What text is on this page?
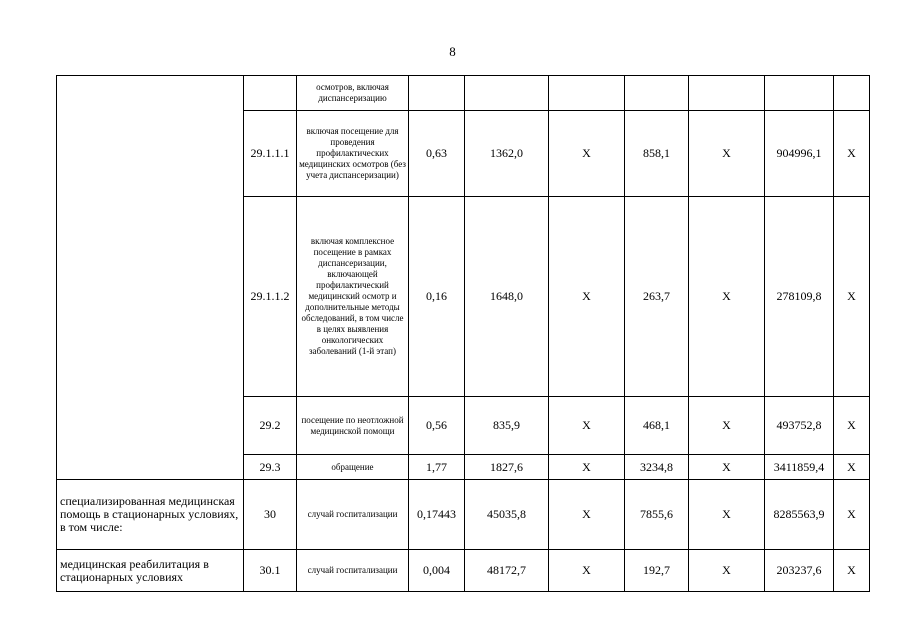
8
		осмотров, включая диспансеризацию							
	29.1.1.1	включая посещение для проведения профилактических медицинских осмотров (без учета диспансеризации)	0,63	1362,0	X	858,1	X	904996,1	X
	29.1.1.2	включая комплексное посещение в рамках диспансеризации, включающей профилактический медицинский осмотр и дополнительные методы обследований, в том числе в целях выявления онкологических заболеваний (1-й этап)	0,16	1648,0	X	263,7	X	278109,8	X
	29.2	посещение по неотложной медицинской помощи	0,56	835,9	X	468,1	X	493752,8	X
	29.3	обращение	1,77	1827,6	X	3234,8	X	3411859,4	X
специализированная медицинская помощь в стационарных условиях, в том числе:	30	случай госпитализации	0,17443	45035,8	X	7855,6	X	8285563,9	X
медицинская реабилитация в стационарных условиях	30.1	случай госпитализации	0,004	48172,7	X	192,7	X	203237,6	X
